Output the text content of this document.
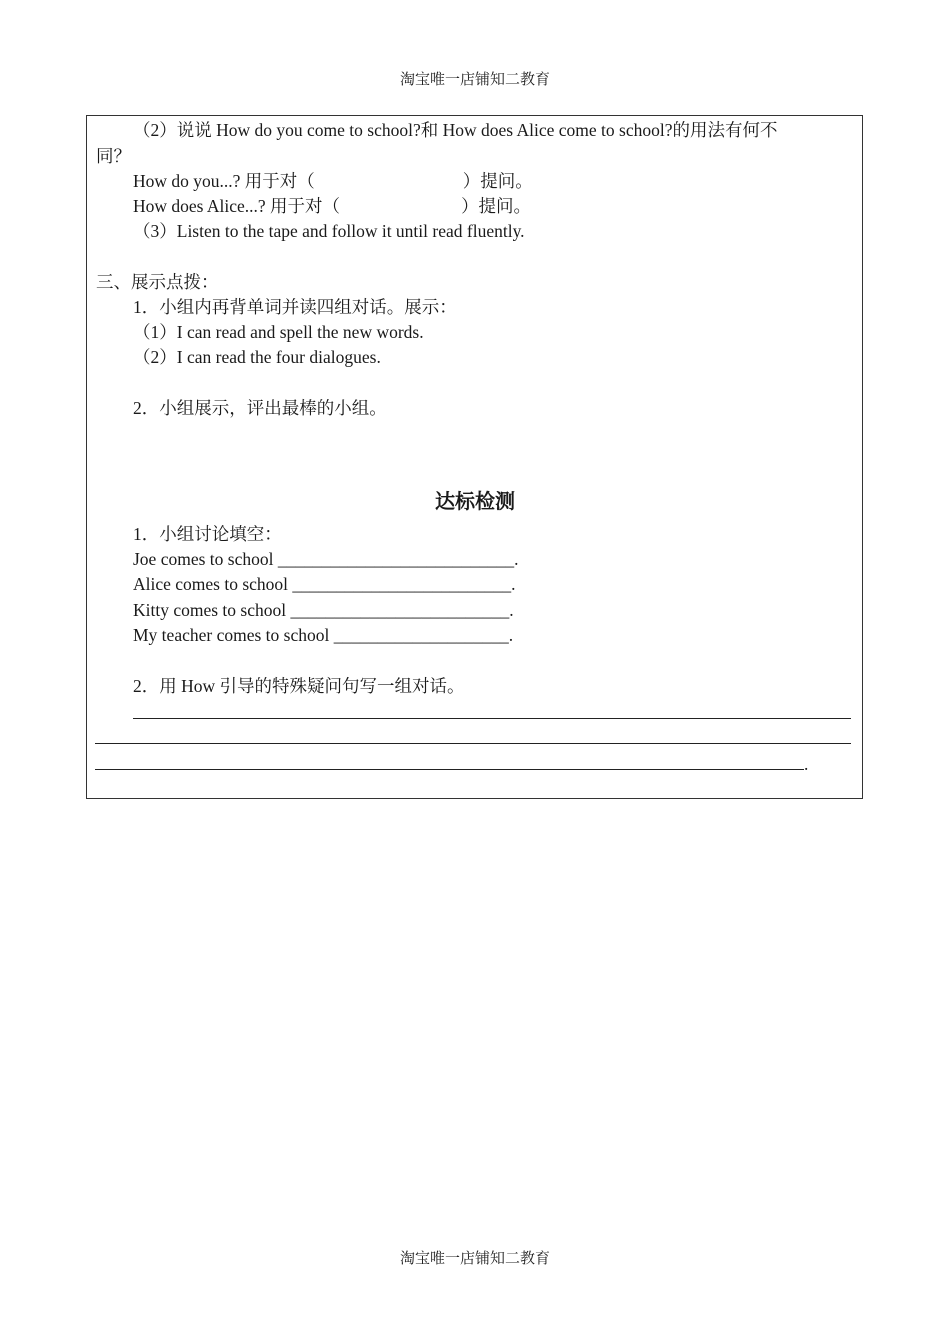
淘宝唯一店铺知二教育
（2）说说 How do you come to school?和 How does Alice come to school?的用法有何不
同？
How do you...? 用于对（	）提问。
How does Alice...? 用于对（	）提问。
（3）Listen to the tape and follow it until read fluently.
三、展示点拨：
1．小组内再背单词并读四组对话。展示：
（1）I can read and spell the new words.
（2）I can read the four dialogues.
2．小组展示，评出最棒的小组。
达标检测
1．小组讨论填空：
Joe comes to school ___________________________.
Alice comes to school _________________________.
Kitty comes to school _________________________.
My teacher comes to school ____________________.
2．用 How 引导的特殊疑问句写一组对话。
.
淘宝唯一店铺知二教育
